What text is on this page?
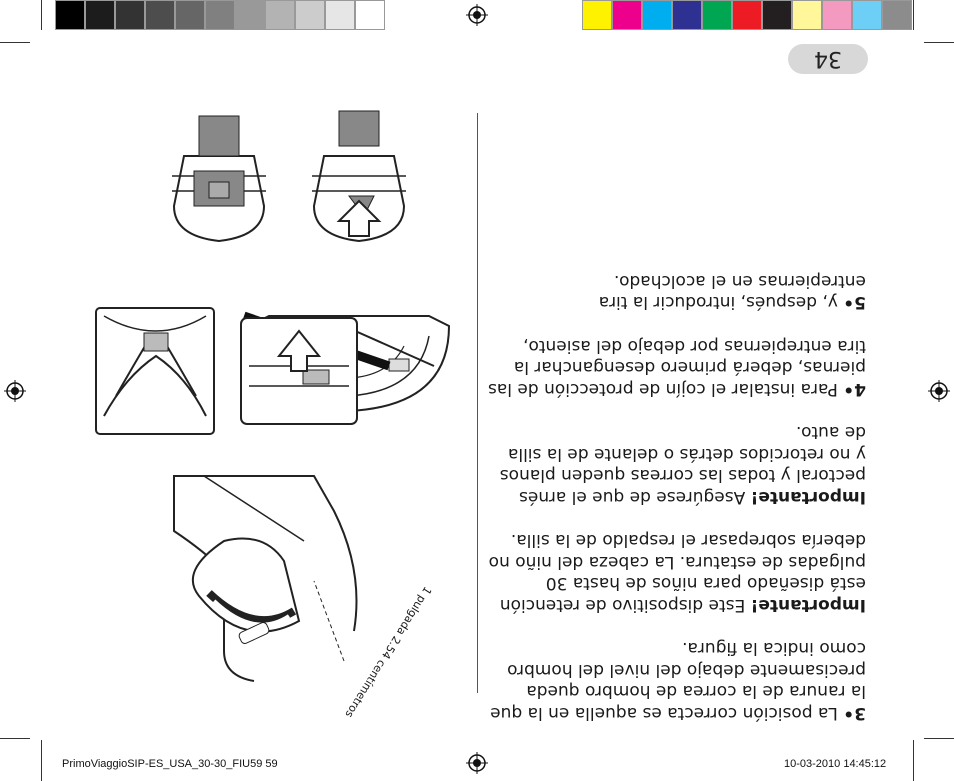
34

3• La posición correcta es aquella en la que la ranura de la correa de hombro queda precisamente debajo del nivel del hombro como indica la figura.

Importante! Este dispositivo de retención está diseñado para niños de hasta 30 pulgadas de estatura. La cabeza del niño no debería sobrepasar el respaldo de la silla.

Importante! Asegúrese de que el arnés pectoral y todas las correas queden planos y no retorcidos detrás o delante de la silla de auto.

4• Para instalar el cojín de protección de las piernas, deberá primero desenganchar la tira entrepiernas por debajo del asiento,

5• y, después, introducir la tira entrepiernas en el acolchado.

1 pulgada 2.54 centímetros
PrimoViaggioSIP-ES_USA_30-30_FIU59 59	10-03-2010 14:45:12
